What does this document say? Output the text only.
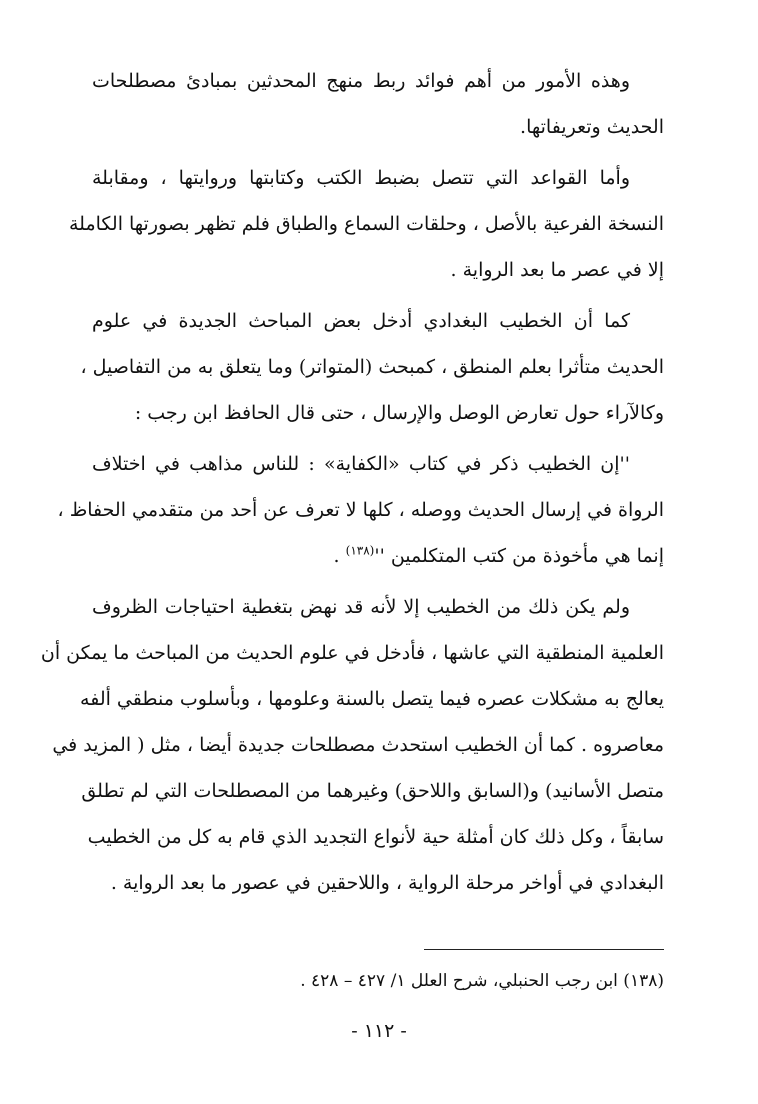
وهذه الأمور من أهم فوائد ربط منهج المحدثين بمبادئ مصطلحات
الحديث وتعريفاتها.
وأما القواعد التي تتصل بضبط الكتب وكتابتها وروايتها ، ومقابلة
النسخة الفرعية بالأصل ، وحلقات السماع والطباق فلم تظهر بصورتها الكاملة
إلا في عصر ما بعد الرواية .
كما أن الخطيب البغدادي أدخل بعض المباحث الجديدة في علوم
الحديث متأثرا بعلم المنطق ، كمبحث (المتواتر) وما يتعلق به من التفاصيل ،
وكالآراء حول تعارض الوصل والإرسال ، حتى قال الحافظ ابن رجب :
''إن الخطيب ذكر في كتاب «الكفاية» : للناس مذاهب في اختلاف
الرواة في إرسال الحديث ووصله ، كلها لا تعرف عن أحد من متقدمي الحفاظ ،
إنما هي مأخوذة من كتب المتكلمين ''$^{(١٣٨)}$ .
ولم يكن ذلك من الخطيب إلا لأنه قد نهض بتغطية احتياجات الظروف
العلمية المنطقية التي عاشها ، فأدخل في علوم الحديث من المباحث ما يمكن أن
يعالج به مشكلات عصره فيما يتصل بالسنة وعلومها ، وبأسلوب منطقي ألفه
معاصروه . كما أن الخطيب استحدث مصطلحات جديدة أيضا ، مثل ( المزيد في
متصل الأسانيد) و(السابق واللاحق) وغيرهما من المصطلحات التي لم تطلق
سابقاً ، وكل ذلك كان أمثلة حية لأنواع التجديد الذي قام به كل من الخطيب
البغدادي في أواخر مرحلة الرواية ، واللاحقين في عصور ما بعد الرواية .
(١٣٨) ابن رجب الحنبلي، شرح العلل ١/ ٤٢٧ – ٤٢٨ .
- ١١٢ -
